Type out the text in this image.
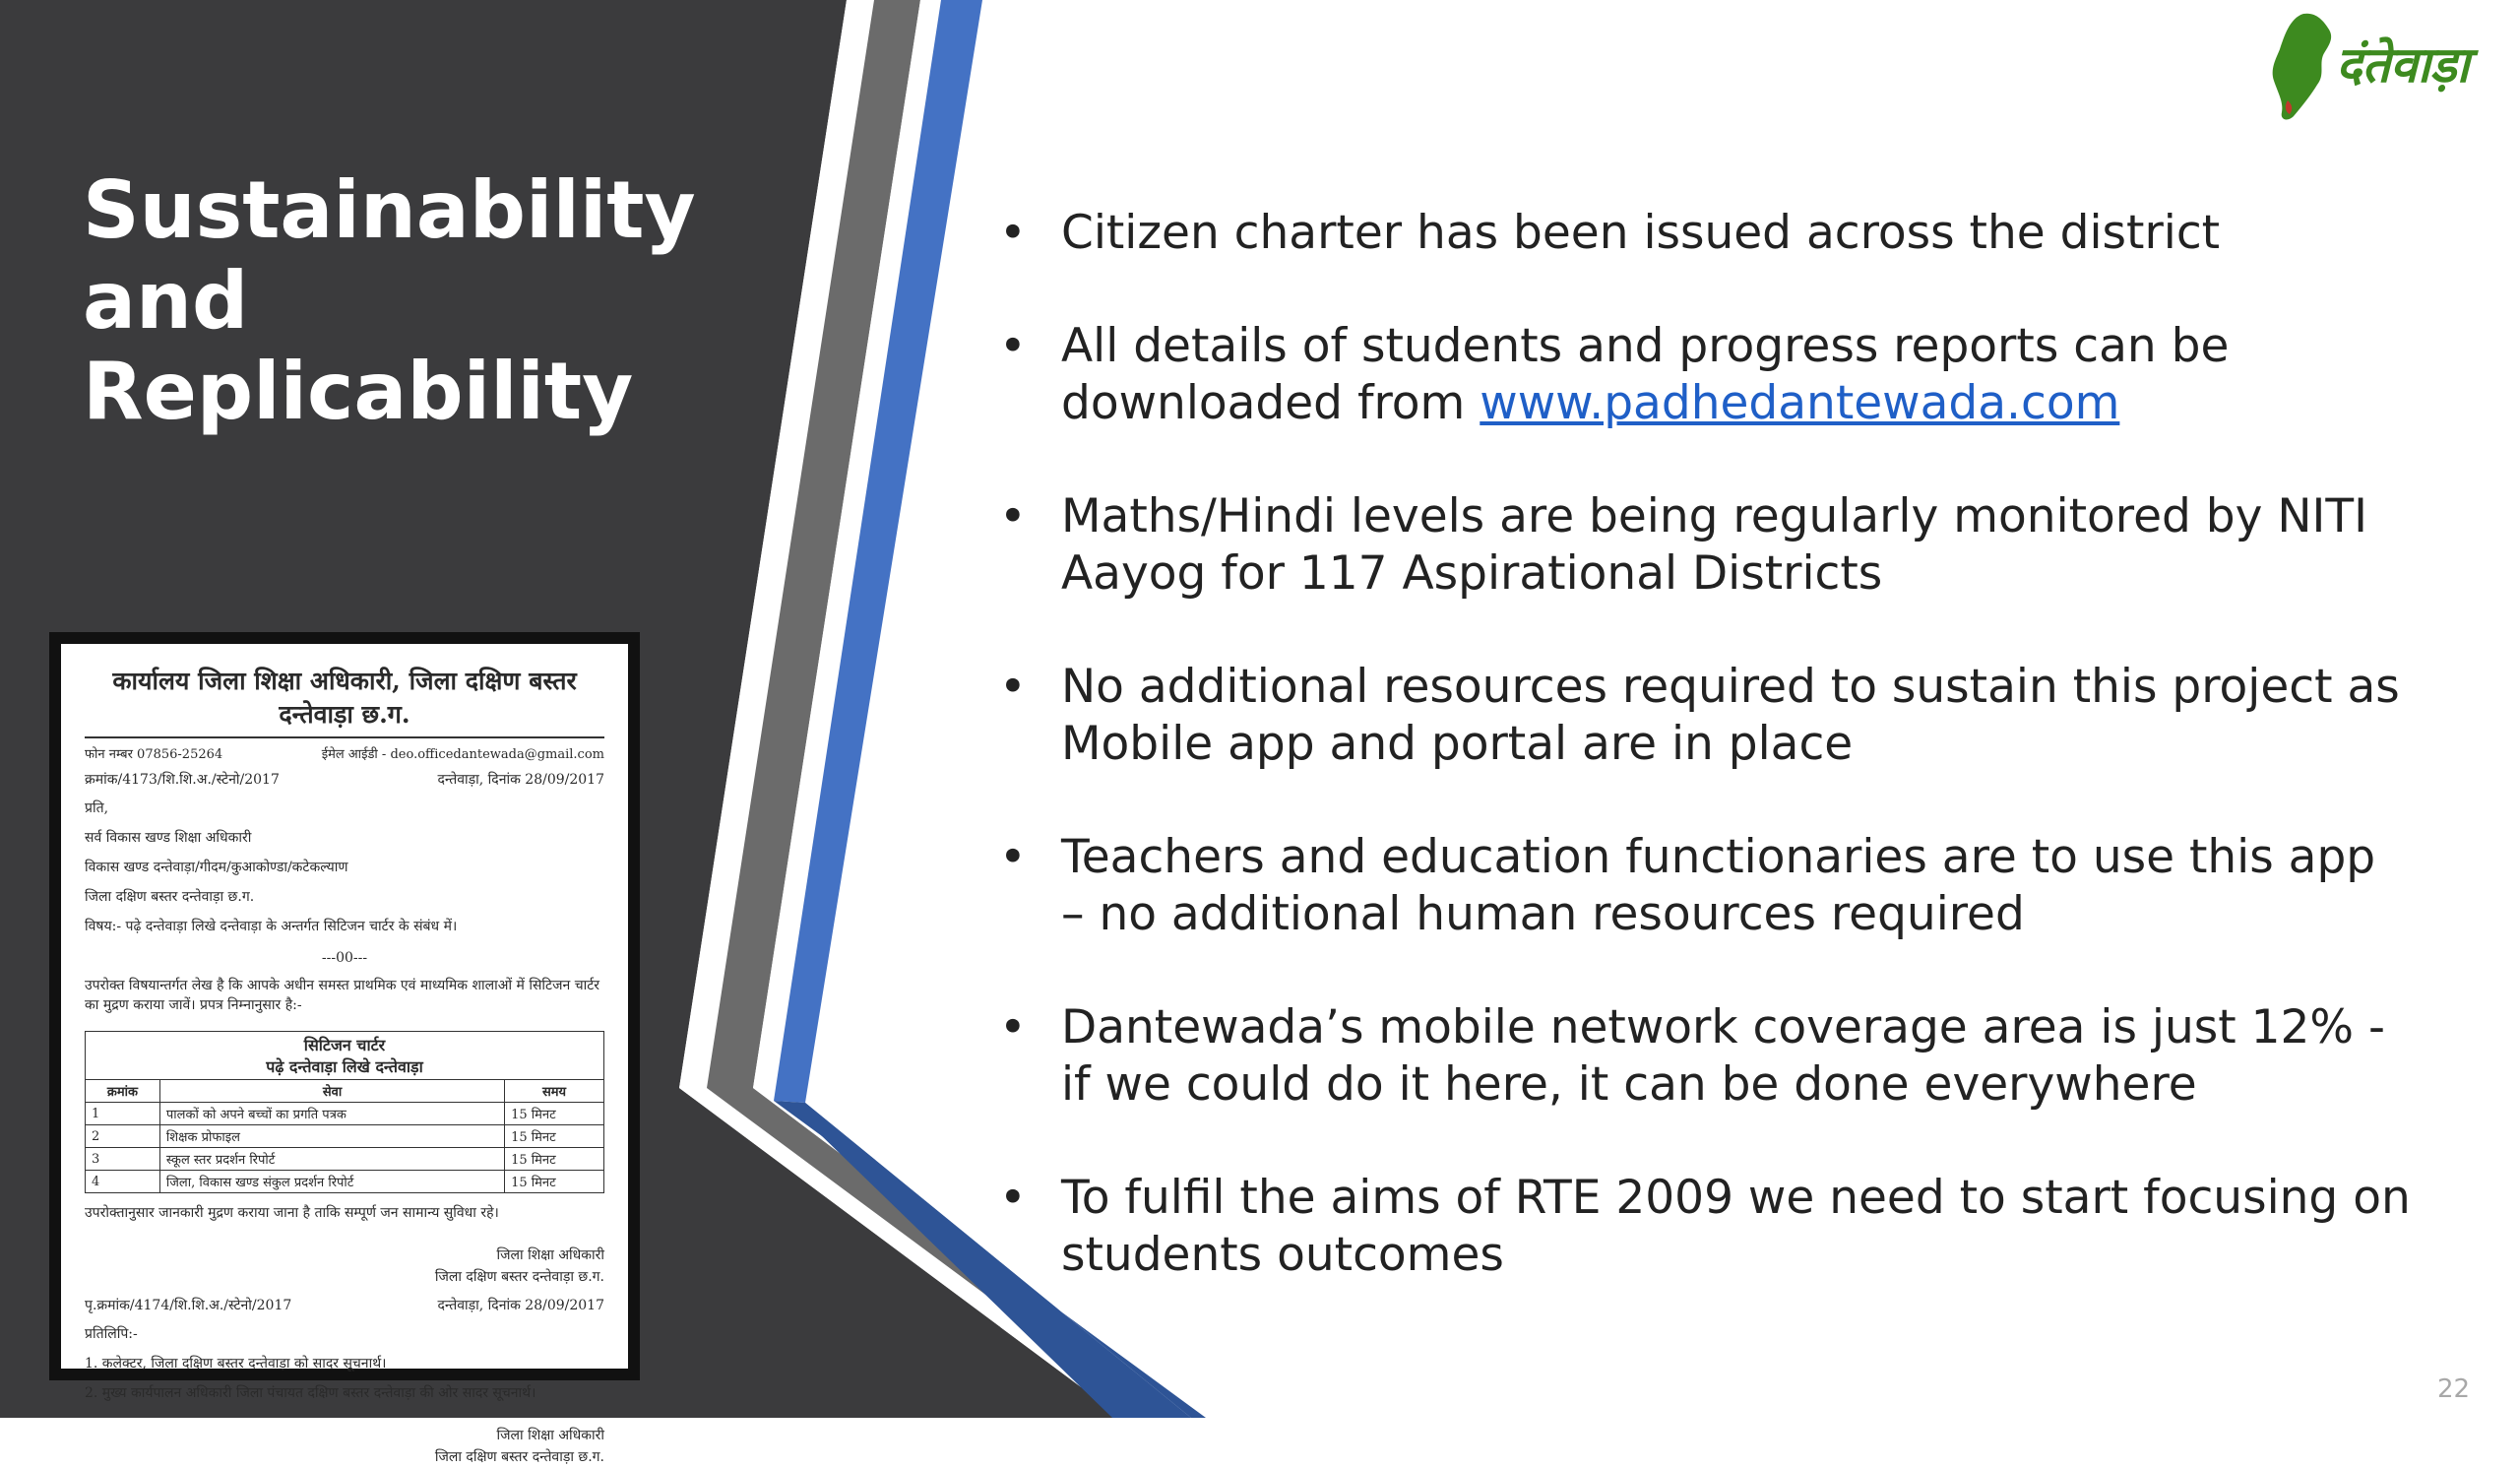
Sustainability
and
Replicability
कार्यालय जिला शिक्षा अधिकारी, जिला दक्षिण बस्तर दन्तेवाड़ा छ.ग.
फोन नम्बर 07856-25264	ईमेल आईडी - deo.officedantewada@gmail.com
क्रमांक/4173/शि.शि.अ./स्टेनो/2017	दन्तेवाड़ा, दिनांक 28/09/2017
प्रति,
सर्व विकास खण्ड शिक्षा अधिकारी
विकास खण्ड दन्तेवाड़ा/गीदम/कुआकोण्डा/कटेकल्याण
जिला दक्षिण बस्तर दन्तेवाड़ा छ.ग.
विषय:- पढ़े दन्तेवाड़ा लिखे दन्तेवाड़ा के अन्तर्गत सिटिजन चार्टर के संबंध में।
---00---
उपरोक्त विषयान्तर्गत लेख है कि आपके अधीन समस्त प्राथमिक एवं माध्यमिक शालाओं में सिटिजन चार्टर का मुद्रण कराया जावें। प्रपत्र निम्नानुसार है:-
सिटिजन चार्टर
पढ़े दन्तेवाड़ा लिखे दन्तेवाड़ा		

क्रमांक	सेवा	समय
1	पालकों को अपने बच्चों का प्रगति पत्रक	15 मिनट
2	शिक्षक प्रोफाइल	15 मिनट
3	स्कूल स्तर प्रदर्शन रिपोर्ट	15 मिनट
4	जिला, विकास खण्ड संकुल प्रदर्शन रिपोर्ट	15 मिनट
उपरोक्तानुसार जानकारी मुद्रण कराया जाना है ताकि सम्पूर्ण जन सामान्य सुविधा रहे।
जिला शिक्षा अधिकारी
जिला दक्षिण बस्तर दन्तेवाड़ा छ.ग.
पृ.क्रमांक/4174/शि.शि.अ./स्टेनो/2017	दन्तेवाड़ा, दिनांक 28/09/2017
प्रतिलिपि:-
1. कलेक्टर, जिला दक्षिण बस्तर दन्तेवाड़ा को सादर सूचनार्थ।
2. मुख्य कार्यपालन अधिकारी जिला पंचायत दक्षिण बस्तर दन्तेवाड़ा की ओर सादर सूचनार्थ।
जिला शिक्षा अधिकारी
जिला दक्षिण बस्तर दन्तेवाड़ा छ.ग.
• Citizen charter has been issued across the district
• All details of students and progress reports can be downloaded from www.padhedantewada.com
• Maths/Hindi levels are being regularly monitored by NITI Aayog for 117 Aspirational Districts
• No additional resources required to sustain this project as Mobile app and portal are in place
• Teachers and education functionaries are to use this app – no additional human resources required
• Dantewada’s mobile network coverage area is just 12% - if we could do it here, it can be done everywhere
• To fulfil the aims of RTE 2009 we need to start focusing on students outcomes
दंतेवाड़ा
22
